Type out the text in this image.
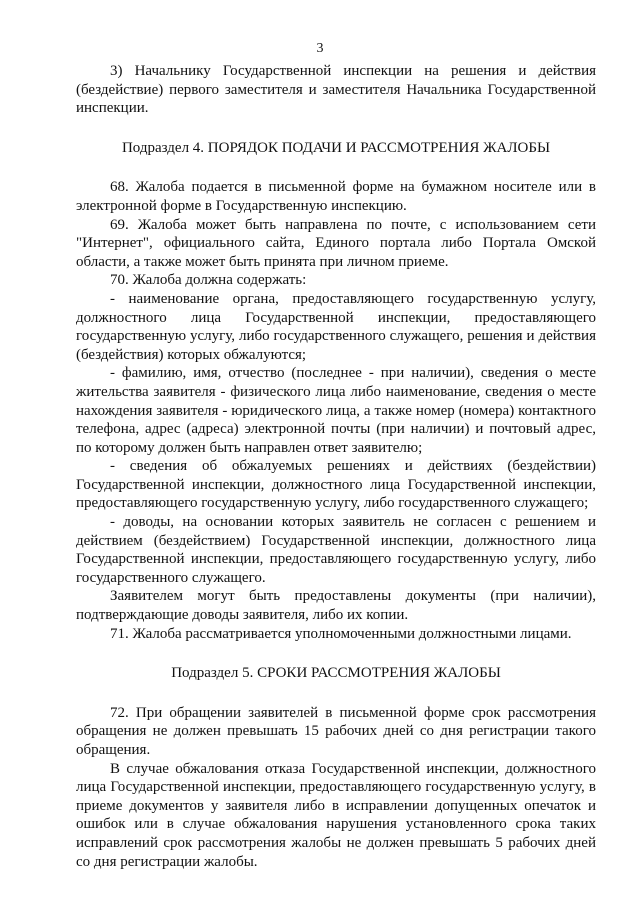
3

3) Начальнику Государственной инспекции на решения и действия (бездействие) первого заместителя и заместителя Начальника Государственной инспекции.

Подраздел 4. ПОРЯДОК ПОДАЧИ И РАССМОТРЕНИЯ ЖАЛОБЫ

68. Жалоба подается в письменной форме на бумажном носителе или в электронной форме в Государственную инспекцию.

69. Жалоба может быть направлена по почте, с использованием сети "Интернет", официального сайта, Единого портала либо Портала Омской области, а также может быть принята при личном приеме.

70. Жалоба должна содержать:

- наименование органа, предоставляющего государственную услугу, должностного лица Государственной инспекции, предоставляющего государственную услугу, либо государственного служащего, решения и действия (бездействия) которых обжалуются;

- фамилию, имя, отчество (последнее - при наличии), сведения о месте жительства заявителя - физического лица либо наименование, сведения о месте нахождения заявителя - юридического лица, а также номер (номера) контактного телефона, адрес (адреса) электронной почты (при наличии) и почтовый адрес, по которому должен быть направлен ответ заявителю;

- сведения об обжалуемых решениях и действиях (бездействии) Государственной инспекции, должностного лица Государственной инспекции, предоставляющего государственную услугу, либо государственного служащего;

- доводы, на основании которых заявитель не согласен с решением и действием (бездействием) Государственной инспекции, должностного лица Государственной инспекции, предоставляющего государственную услугу, либо государственного служащего.

Заявителем могут быть предоставлены документы (при наличии), подтверждающие доводы заявителя, либо их копии.

71. Жалоба рассматривается уполномоченными должностными лицами.

Подраздел 5. СРОКИ РАССМОТРЕНИЯ ЖАЛОБЫ

72. При обращении заявителей в письменной форме срок рассмотрения обращения не должен превышать 15 рабочих дней со дня регистрации такого обращения.

В случае обжалования отказа Государственной инспекции, должностного лица Государственной инспекции, предоставляющего государственную услугу, в приеме документов у заявителя либо в исправлении допущенных опечаток и ошибок или в случае обжалования нарушения установленного срока таких исправлений срок рассмотрения жалобы не должен превышать 5 рабочих дней со дня регистрации жалобы.
